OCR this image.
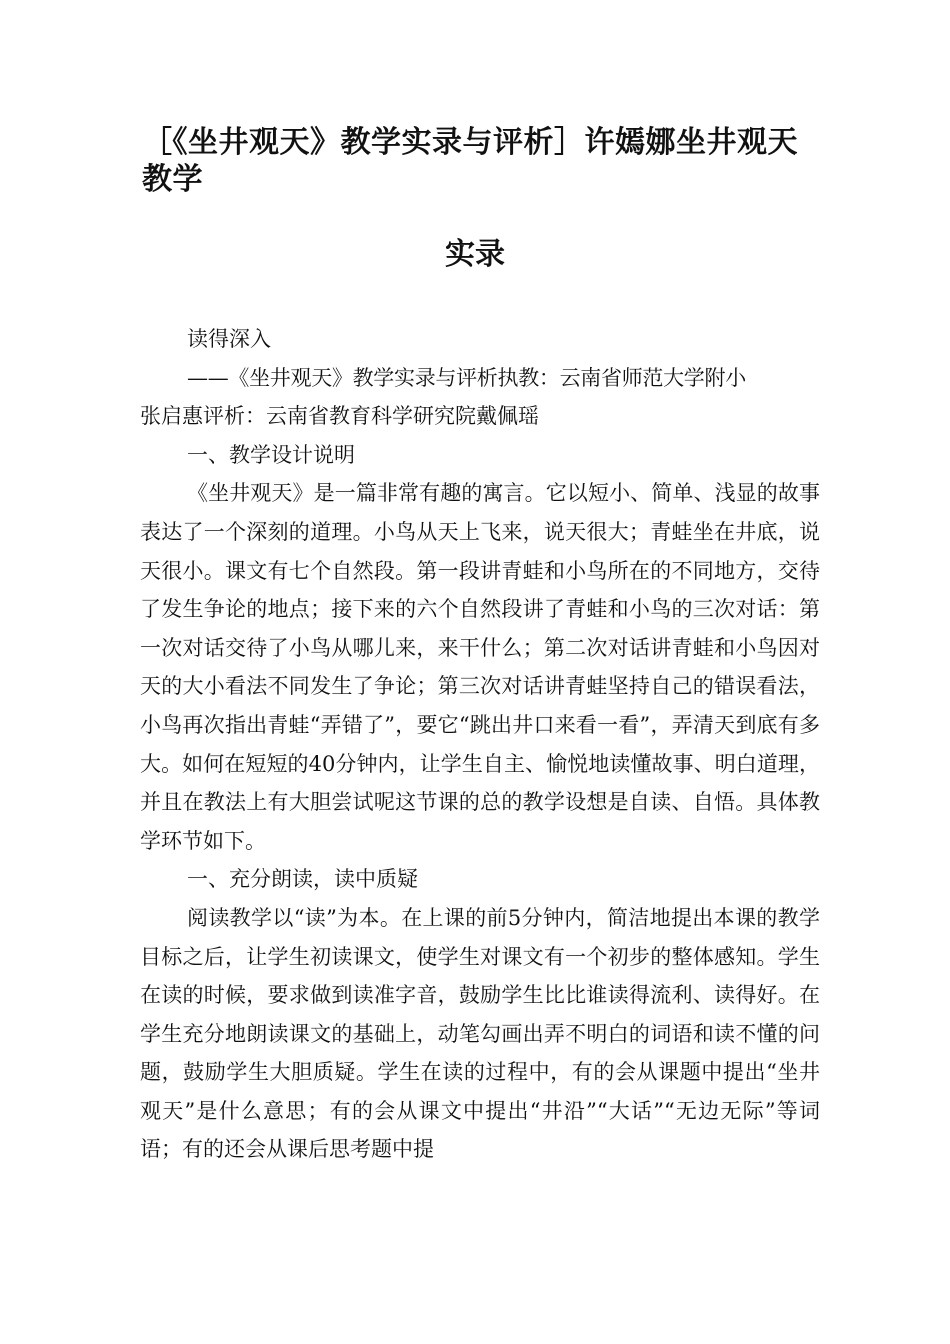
［《坐井观天》教学实录与评析］许嫣娜坐井观天教学
实录

读得深入

——《坐井观天》教学实录与评析执教：云南省师范大学附小

张启惠评析：云南省教育科学研究院戴佩瑶

一、教学设计说明

《坐井观天》是一篇非常有趣的寓言。它以短小、简单、浅显的故事表达了一个深刻的道理。小鸟从天上飞来，说天很大；青蛙坐在井底，说天很小。课文有七个自然段。第一段讲青蛙和小鸟所在的不同地方，交待了发生争论的地点；接下来的六个自然段讲了青蛙和小鸟的三次对话：第一次对话交待了小鸟从哪儿来，来干什么；第二次对话讲青蛙和小鸟因对天的大小看法不同发生了争论；第三次对话讲青蛙坚持自己的错误看法，小鸟再次指出青蛙“弄错了”，要它“跳出井口来看一看”，弄清天到底有多大。如何在短短的40分钟内，让学生自主、愉悦地读懂故事、明白道理，并且在教法上有大胆尝试呢这节课的总的教学设想是自读、自悟。具体教学环节如下。

一、充分朗读，读中质疑

阅读教学以“读”为本。在上课的前5分钟内，简洁地提出本课的教学目标之后，让学生初读课文，使学生对课文有一个初步的整体感知。学生在读的时候，要求做到读准字音，鼓励学生比比谁读得流利、读得好。在学生充分地朗读课文的基础上，动笔勾画出弄不明白的词语和读不懂的问题，鼓励学生大胆质疑。学生在读的过程中，有的会从课题中提出“坐井观天”是什么意思；有的会从课文中提出“井沿”“大话”“无边无际”等词语；有的还会从课后思考题中提
